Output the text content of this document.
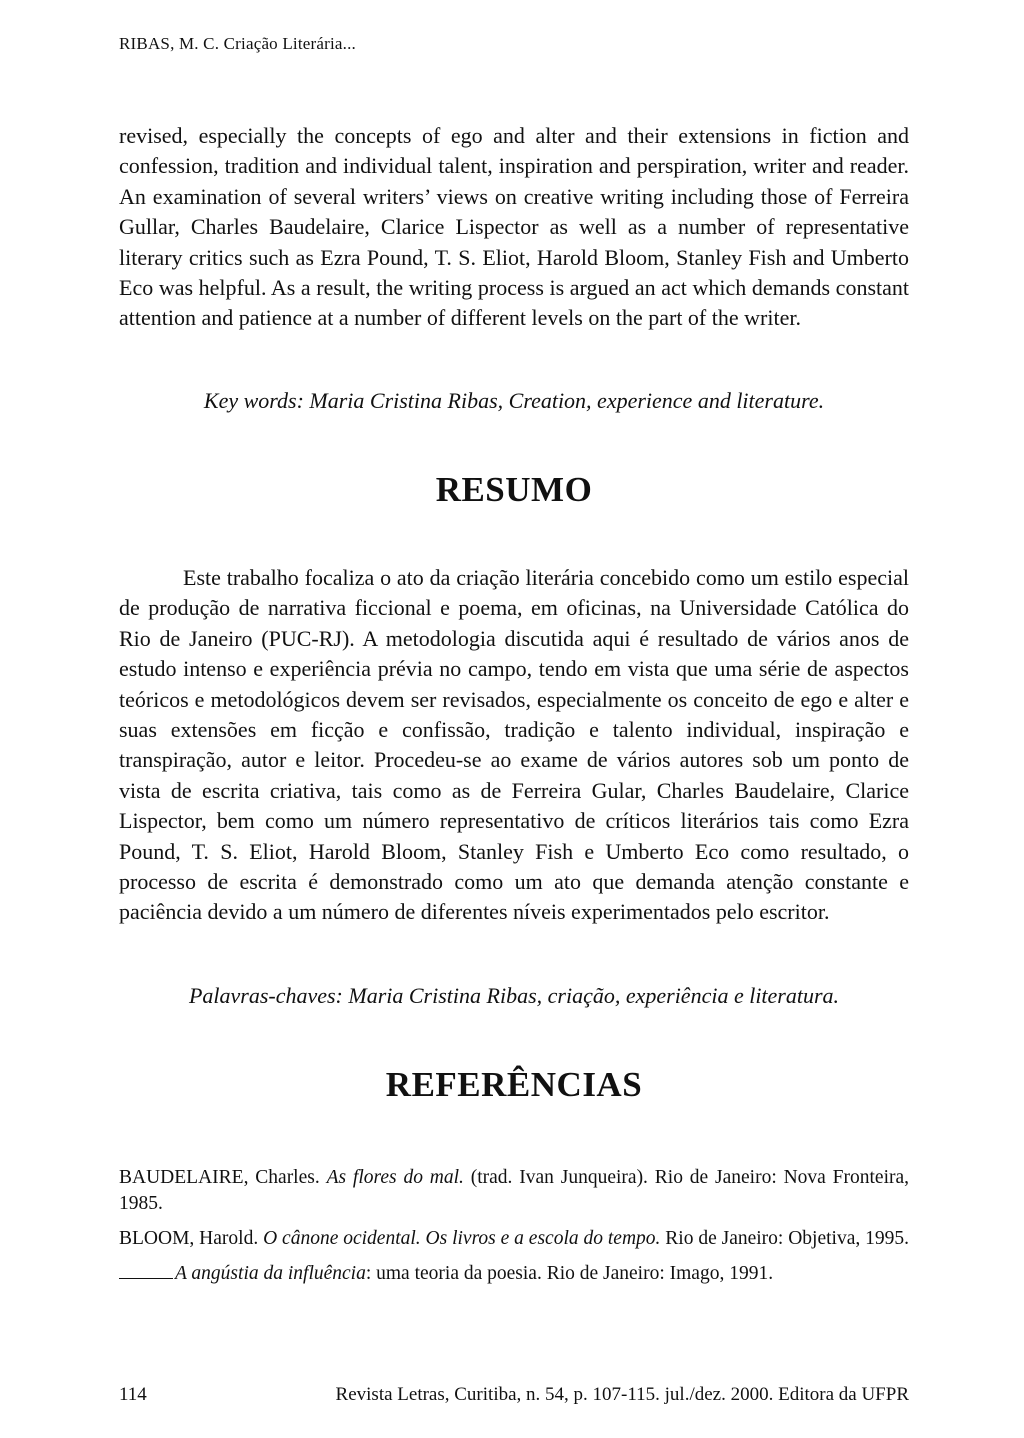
RIBAS, M. C. Criação Literária...

revised, especially the concepts of ego and alter and their extensions in fiction and confession, tradition and individual talent, inspiration and perspiration, writer and reader. An examination of several writers’ views on creative writing including those of Ferreira Gullar, Charles Baudelaire, Clarice Lispector as well as a number of representative literary critics such as Ezra Pound, T. S. Eliot, Harold Bloom, Stanley Fish and Umberto Eco was helpful. As a result, the writing process is argued an act which demands constant attention and patience at a number of different levels on the part of the writer.

Key words: Maria Cristina Ribas, Creation, experience and literature.

RESUMO

Este trabalho focaliza o ato da criação literária concebido como um estilo especial de produção de narrativa ficcional e poema, em oficinas, na Universidade Católica do Rio de Janeiro (PUC-RJ). A metodologia discutida aqui é resultado de vários anos de estudo intenso e experiência prévia no campo, tendo em vista que uma série de aspectos teóricos e metodológicos devem ser revisados, especialmente os conceito de ego e alter e suas extensões em ficção e confissão, tradição e talento individual, inspiração e transpiração, autor e leitor. Procedeu-se ao exame de vários autores sob um ponto de vista de escrita criativa, tais como as de Ferreira Gular, Charles Baudelaire, Clarice Lispector, bem como um número representativo de críticos literários tais como Ezra Pound, T. S. Eliot, Harold Bloom, Stanley Fish e Umberto Eco como resultado, o processo de escrita é demonstrado como um ato que demanda atenção constante e paciência devido a um número de diferentes níveis experimentados pelo escritor.

Palavras-chaves: Maria Cristina Ribas, criação, experiência e literatura.

REFERÊNCIAS

BAUDELAIRE, Charles. As flores do mal. (trad. Ivan Junqueira). Rio de Janeiro: Nova Fronteira, 1985.

BLOOM, Harold. O cânone ocidental. Os livros e a escola do tempo. Rio de Janeiro: Objetiva, 1995.

A angústia da influência: uma teoria da poesia. Rio de Janeiro: Imago, 1991.

114	Revista Letras, Curitiba, n. 54, p. 107-115. jul./dez. 2000. Editora da UFPR
